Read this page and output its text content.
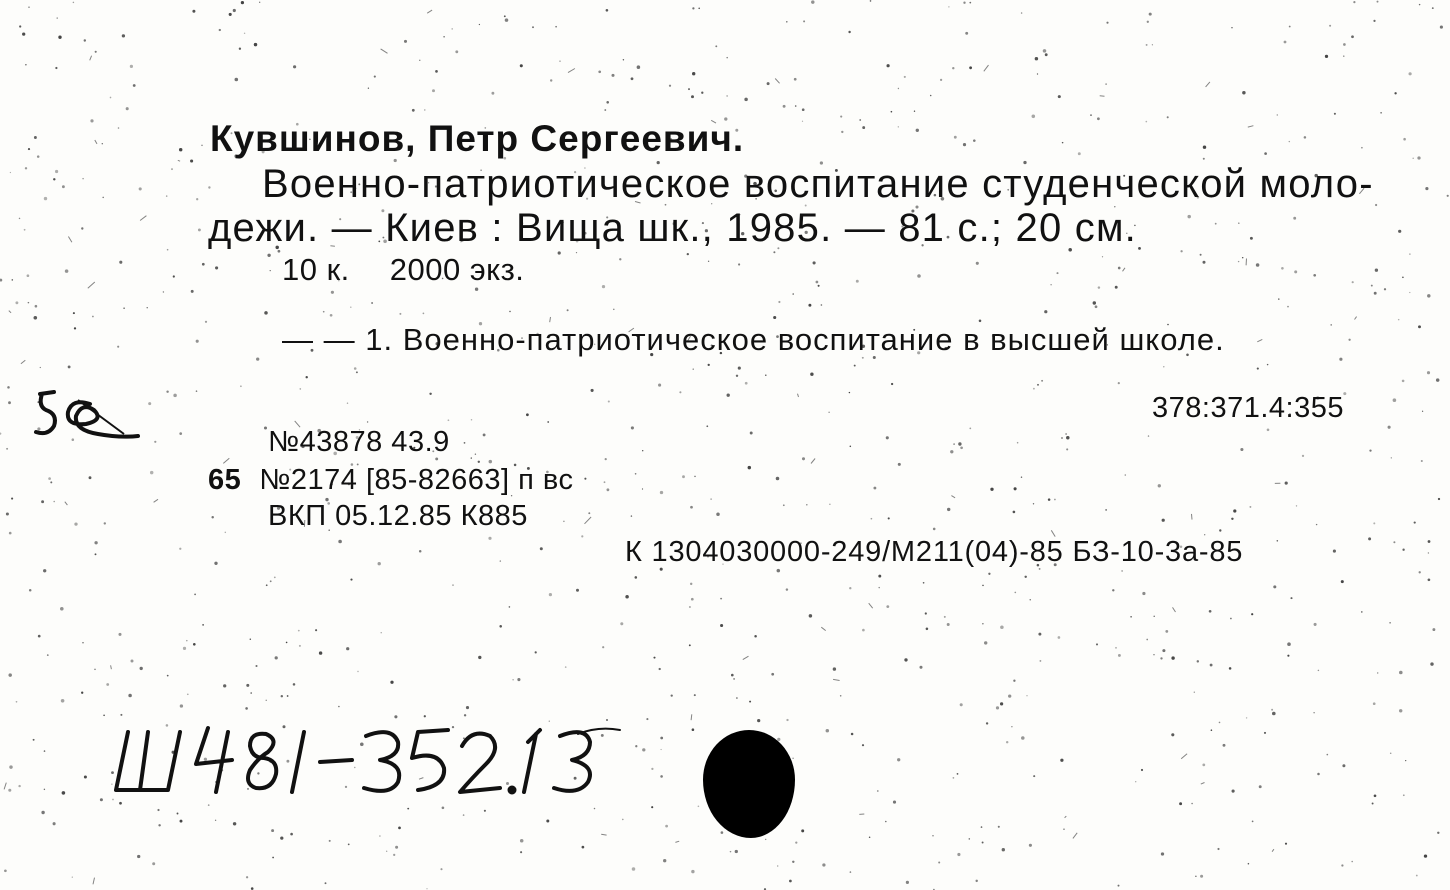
Кувшинов, Петр Сергеевич.
Военно-патриотическое воспитание студенческой моло-
дежи. — Киев : Вища шк., 1985. — 81 с.; 20 см.
10 к. 2000 экз.
— — 1. Военно-патриотическое воспитание в высшей школе.
378:371.4:355
№43878 43.9
65 №2174 [85-82663] п вс
ВКП 05.12.85 К885
К 1304030000-249/М211(04)-85 БЗ-10-3а-85
